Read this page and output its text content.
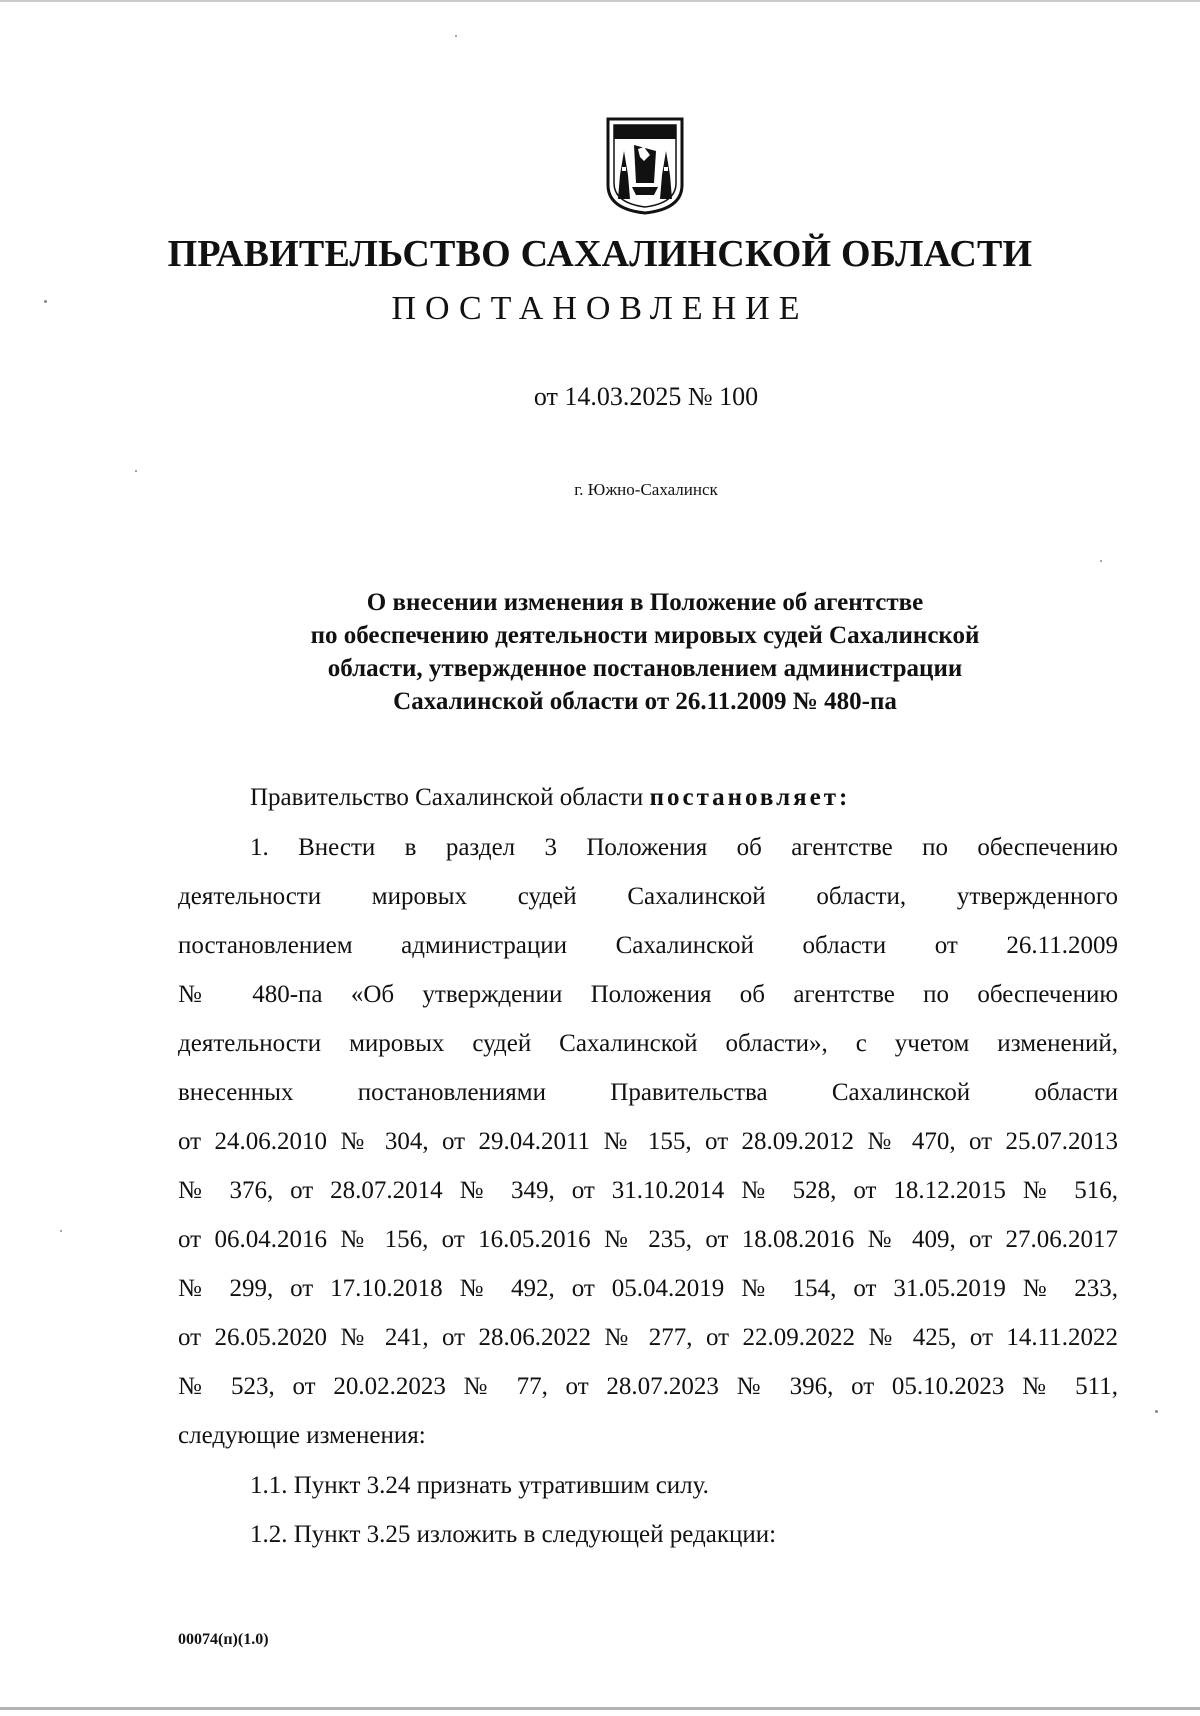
ПРАВИТЕЛЬСТВО САХАЛИНСКОЙ ОБЛАСТИ
ПОСТАНОВЛЕНИЕ
от 14.03.2025 № 100
г. Южно-Сахалинск
О внесении изменения в Положение об агентстве
по обеспечению деятельности мировых судей Сахалинской
области, утвержденное постановлением администрации
Сахалинской области от 26.11.2009 № 480-па
Правительство Сахалинской области постановляет:
1. Внести в раздел 3 Положения об агентстве по обеспечению
деятельности мировых судей Сахалинской области, утвержденного
постановлением администрации Сахалинской области от 26.11.2009
№ 480-па «Об утверждении Положения об агентстве по обеспечению
деятельности мировых судей Сахалинской области», с учетом изменений,
внесенных постановлениями Правительства Сахалинской области
от 24.06.2010 № 304, от 29.04.2011 № 155, от 28.09.2012 № 470, от 25.07.2013
№ 376, от 28.07.2014 № 349, от 31.10.2014 № 528, от 18.12.2015 № 516,
от 06.04.2016 № 156, от 16.05.2016 № 235, от 18.08.2016 № 409, от 27.06.2017
№ 299, от 17.10.2018 № 492, от 05.04.2019 № 154, от 31.05.2019 № 233,
от 26.05.2020 № 241, от 28.06.2022 № 277, от 22.09.2022 № 425, от 14.11.2022
№ 523, от 20.02.2023 № 77, от 28.07.2023 № 396, от 05.10.2023 № 511,
следующие изменения:
1.1. Пункт 3.24 признать утратившим силу.
1.2. Пункт 3.25 изложить в следующей редакции:
00074(п)(1.0)
